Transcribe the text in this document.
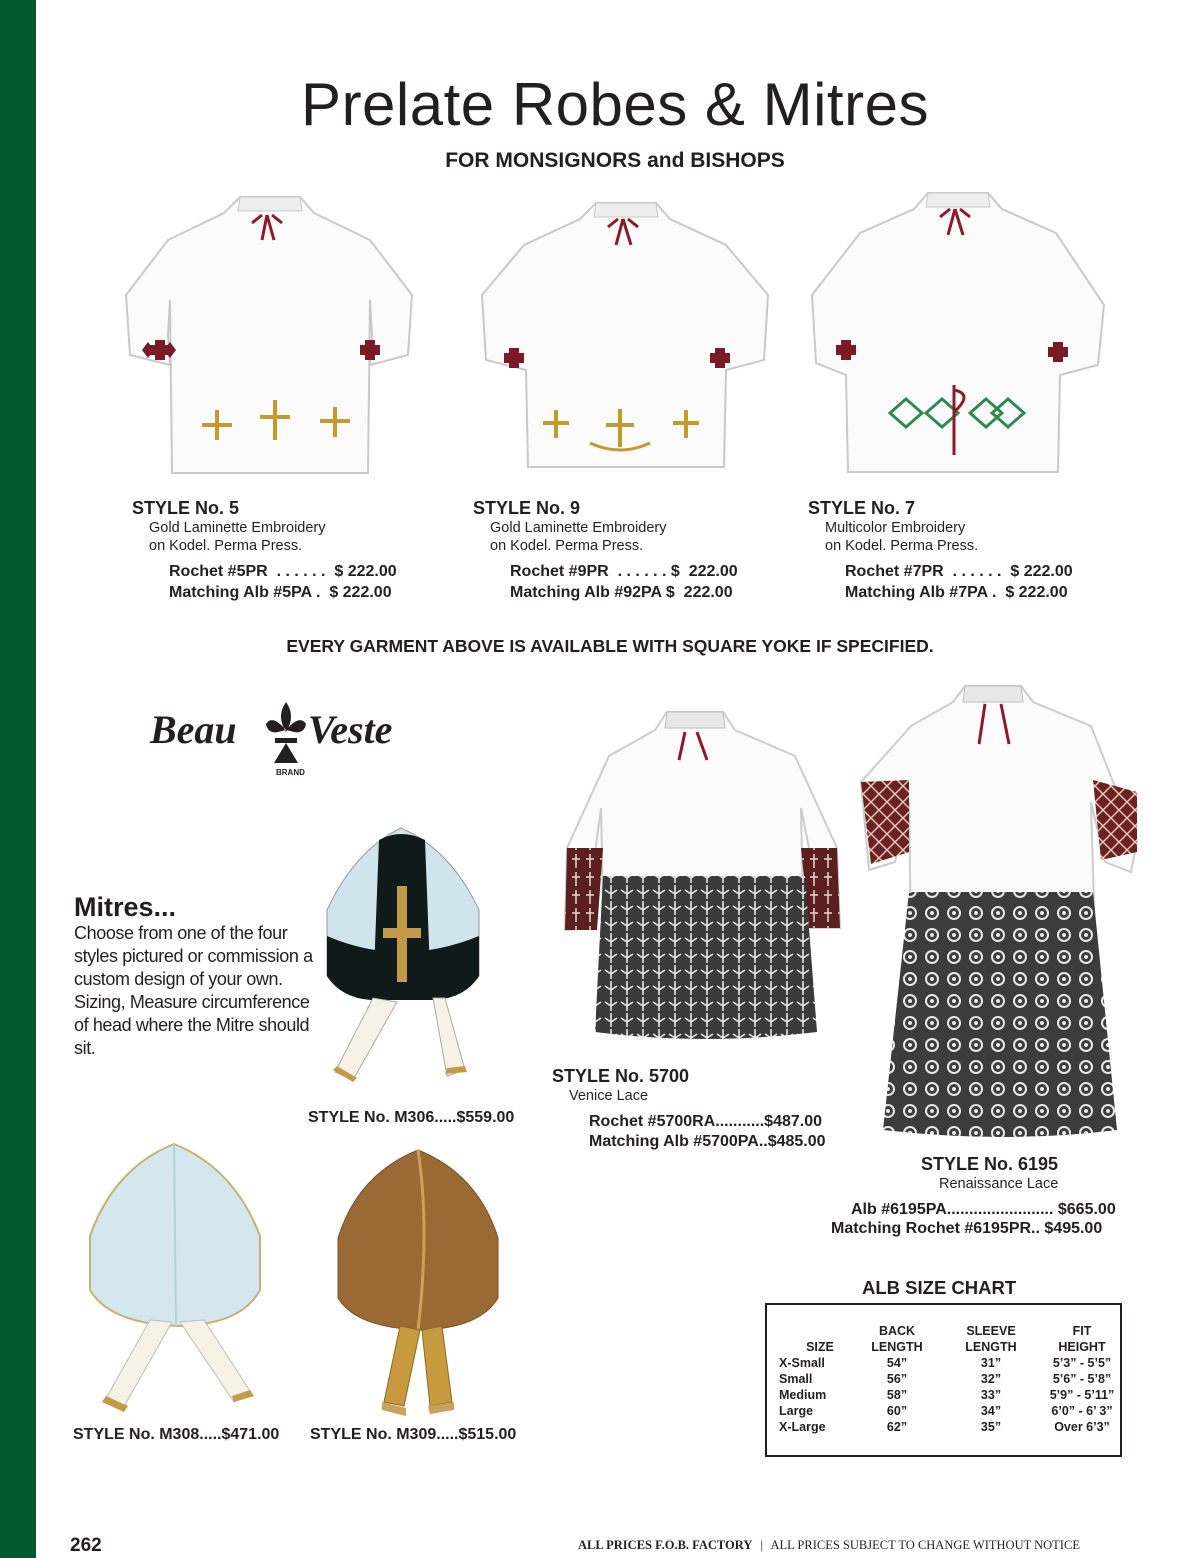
Prelate Robes & Mitres
FOR MONSIGNORS and BISHOPS
STYLE No. 5
Gold Laminette Embroidery
on Kodel. Perma Press.
Rochet #5PR  . . . . . .  $ 222.00
Matching Alb #5PA .  $ 222.00
STYLE No. 9
Gold Laminette Embroidery
on Kodel. Perma Press.
Rochet #9PR  . . . . . . $  222.00
Matching Alb #92PA $  222.00
STYLE No. 7
Multicolor Embroidery
on Kodel. Perma Press.
Rochet #7PR  . . . . . .  $ 222.00
Matching Alb #7PA .  $ 222.00
EVERY GARMENT ABOVE IS AVAILABLE WITH SQUARE YOKE IF SPECIFIED.
Beau Veste
BRAND
Mitres...
Choose from one of the four styles pictured or commission a custom design of your own. Sizing, Measure circumference of head where the Mitre should sit.
STYLE No. M306.....$559.00
STYLE No. M308.....$471.00 STYLE No. M309.....$515.00
STYLE No. 5700
Venice Lace
Rochet #5700RA...........$487.00
Matching Alb #5700PA..$485.00
STYLE No. 6195
Renaissance Lace
Alb #6195PA........................ $665.00
Matching Rochet #6195PR.. $495.00
ALB SIZE CHART
SIZE
X-Small
Small
Medium
Large
X-Large
BACK
LENGTH
54”
56”
58”
60”
62”
SLEEVE
LENGTH
31”
32”
33”
34”
35”
FIT
HEIGHT
5’3” - 5’5”
5’6” - 5’8”
5’9” - 5’11”
6’0” - 6’ 3”
Over 6’3”
262	ALL PRICES F.O.B. FACTORY | ALL PRICES SUBJECT TO CHANGE WITHOUT NOTICE
